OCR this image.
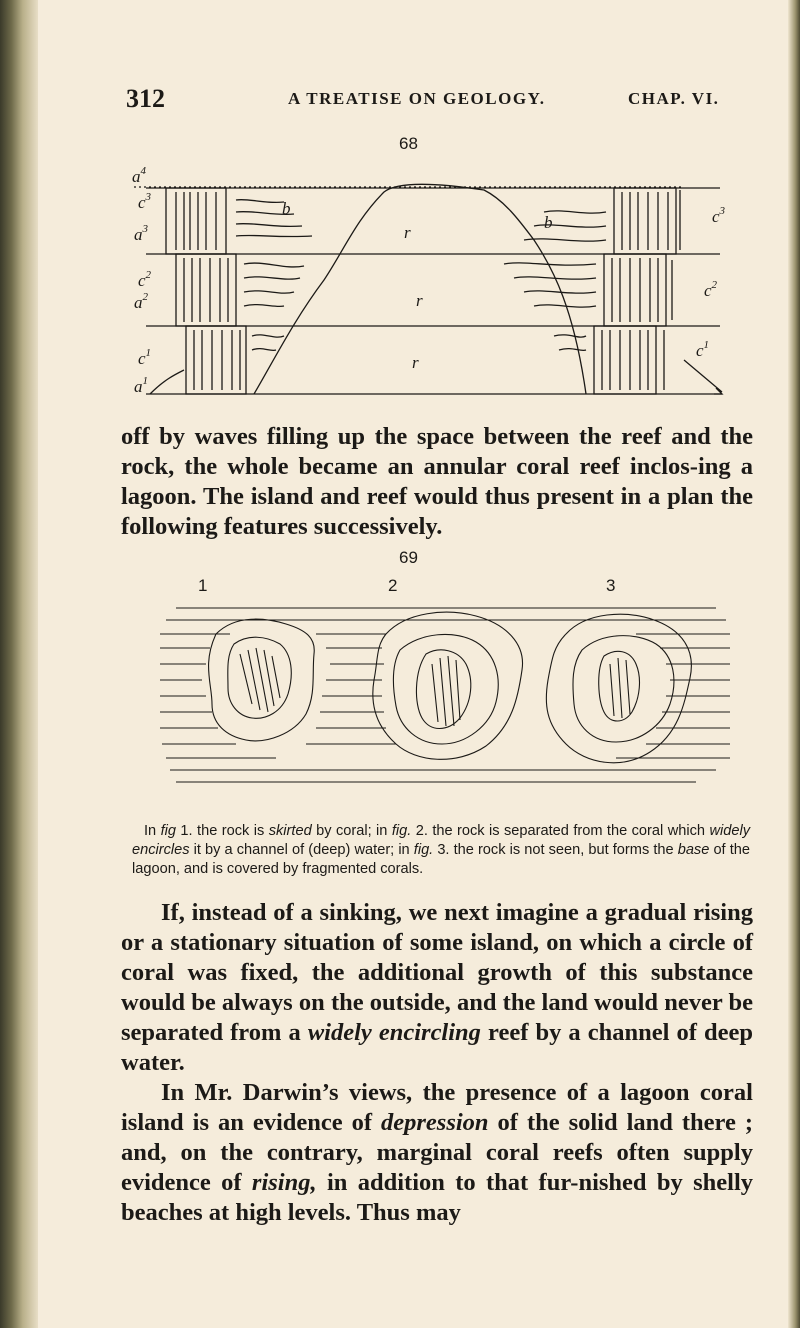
312	A TREATISE ON GEOLOGY.	CHAP. VI.
68
$a^4$
$c^3$
$a^3$
$c^2$
$a^2$
$c^1$
$a^1$
b
b
r
r
r
$c^3$
$c^2$
$c^1$

off by waves filling up the space between the reef and the rock, the whole became an annular coral reef inclos-ing a lagoon. The island and reef would thus present in a plan the following features successively.

69
1	2	3

In fig 1. the rock is skirted by coral; in fig. 2. the rock is separated from the coral which widely encircles it by a channel of (deep) water; in fig. 3. the rock is not seen, but forms the base of the lagoon, and is covered by fragmented corals.

If, instead of a sinking, we next imagine a gradual rising or a stationary situation of some island, on which a circle of coral was fixed, the additional growth of this substance would be always on the outside, and the land would never be separated from a widely encircling reef by a channel of deep water.

In Mr. Darwin’s views, the presence of a lagoon coral island is an evidence of depression of the solid land there ; and, on the contrary, marginal coral reefs often supply evidence of rising, in addition to that fur-nished by shelly beaches at high levels. Thus may
